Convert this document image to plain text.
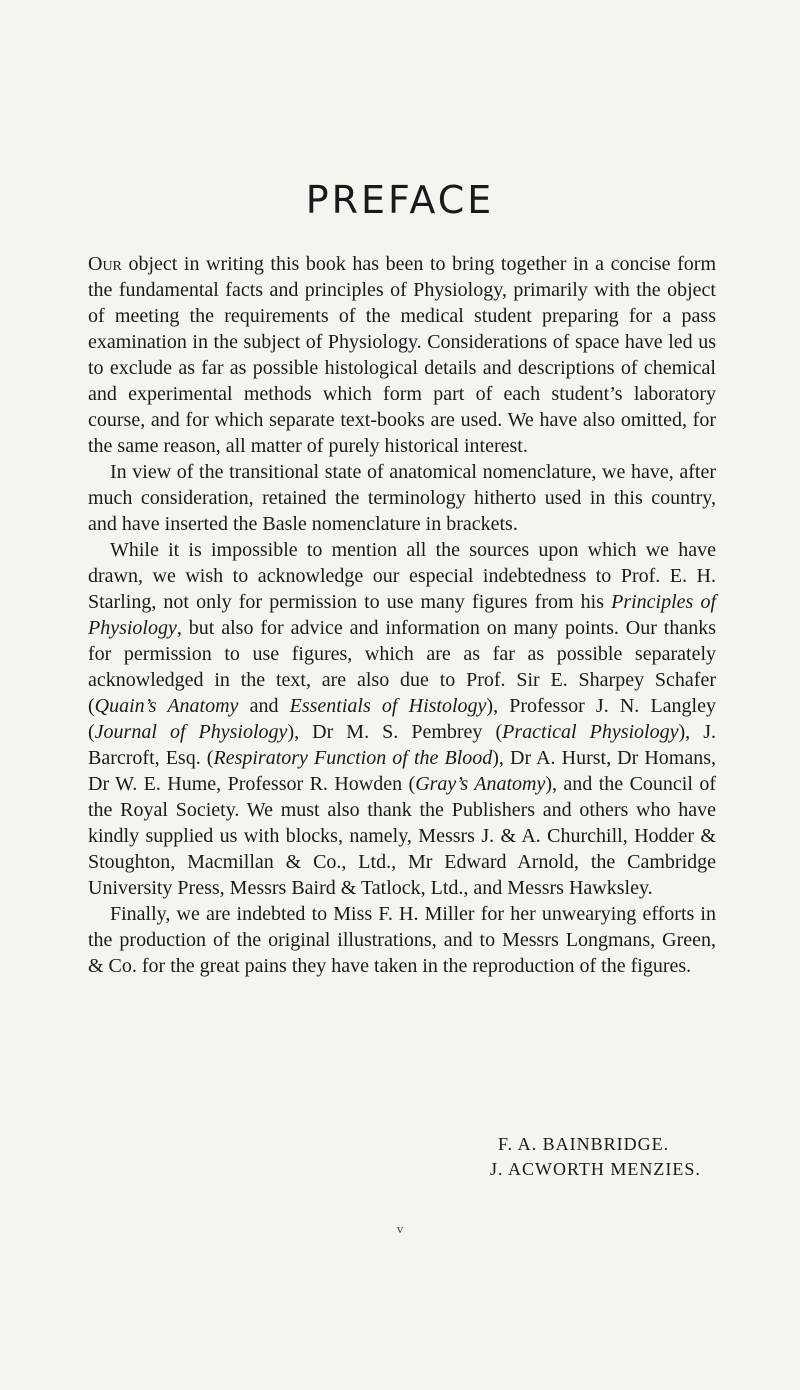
PREFACE

Our object in writing this book has been to bring together in a concise form the fundamental facts and principles of Physiology, primarily with the object of meeting the requirements of the medical student preparing for a pass examination in the subject of Physiology. Considerations of space have led us to exclude as far as possible histological details and descriptions of chemical and experimental methods which form part of each student’s laboratory course, and for which separate text-books are used. We have also omitted, for the same reason, all matter of purely historical interest.

In view of the transitional state of anatomical nomenclature, we have, after much consideration, retained the terminology hitherto used in this country, and have inserted the Basle nomenclature in brackets.

While it is impossible to mention all the sources upon which we have drawn, we wish to acknowledge our especial indebtedness to Prof. E. H. Starling, not only for permission to use many figures from his Principles of Physiology, but also for advice and information on many points. Our thanks for permission to use figures, which are as far as possible separately acknowledged in the text, are also due to Prof. Sir E. Sharpey Schafer (Quain’s Anatomy and Essentials of Histology), Professor J. N. Langley (Journal of Physiology), Dr M. S. Pembrey (Practical Physiology), J. Barcroft, Esq. (Respiratory Function of the Blood), Dr A. Hurst, Dr Homans, Dr W. E. Hume, Professor R. Howden (Gray’s Anatomy), and the Council of the Royal Society. We must also thank the Publishers and others who have kindly supplied us with blocks, namely, Messrs J. & A. Churchill, Hodder & Stoughton, Macmillan & Co., Ltd., Mr Edward Arnold, the Cambridge University Press, Messrs Baird & Tatlock, Ltd., and Messrs Hawksley.

Finally, we are indebted to Miss F. H. Miller for her unwearying efforts in the production of the original illustrations, and to Messrs Longmans, Green, & Co. for the great pains they have taken in the reproduction of the figures.

F. A. BAINBRIDGE.
J. ACWORTH MENZIES.
v
